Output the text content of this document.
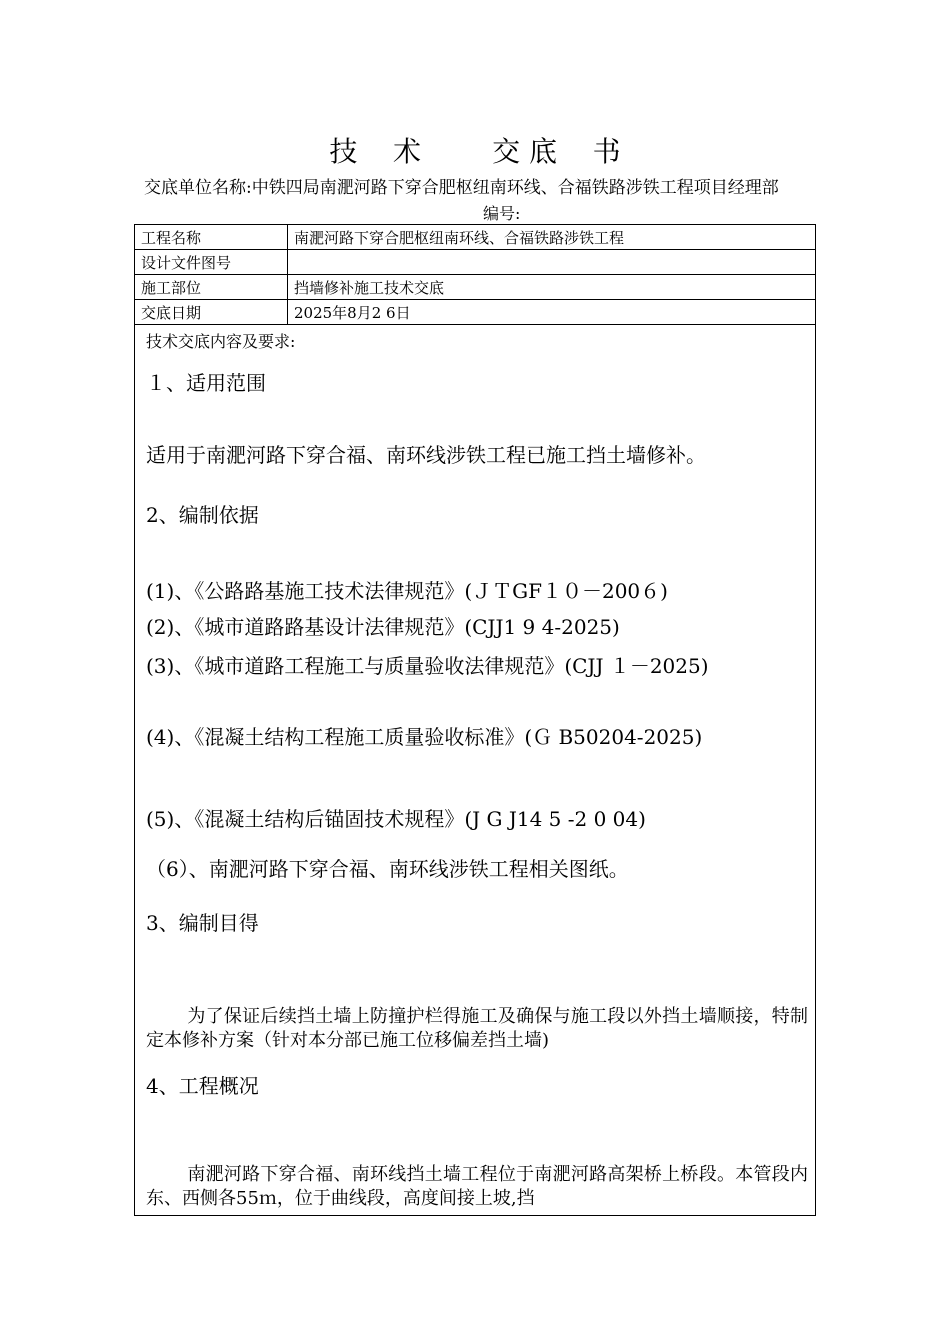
技    术        交 底    书
交底单位名称:中铁四局南淝河路下穿合肥枢纽南环线、合福铁路涉铁工程项目经理部
编号:
工程名称	南淝河路下穿合肥枢纽南环线、合福铁路涉铁工程
设计文件图号	
施工部位	挡墙修补施工技术交底
交底日期	2025年8月2 6日
技术交底内容及要求:
１、适用范围
适用于南淝河路下穿合福、南环线涉铁工程已施工挡土墙修补。
2、编制依据
(1)、《公路路基施工技术法律规范》(ＪＴGF１０－200６)
(2)、《城市道路路基设计法律规范》(CJJ1 9 4-2025)
(3)、《城市道路工程施工与质量验收法律规范》(CJJ １－2025)
(4)、《混凝土结构工程施工质量验收标准》(Ｇ B50204-2025)
(5)、《混凝土结构后锚固技术规程》(J G J14 5 -2 0 04)
（6）、南淝河路下穿合福、南环线涉铁工程相关图纸。
3、编制目得
为了保证后续挡土墙上防撞护栏得施工及确保与施工段以外挡土墙顺接，特制定本修补方案（针对本分部已施工位移偏差挡土墙)
4、工程概况
南淝河路下穿合福、南环线挡土墙工程位于南淝河路高架桥上桥段。本管段内东、西侧各55ｍ，位于曲线段，高度间接上坡,挡
